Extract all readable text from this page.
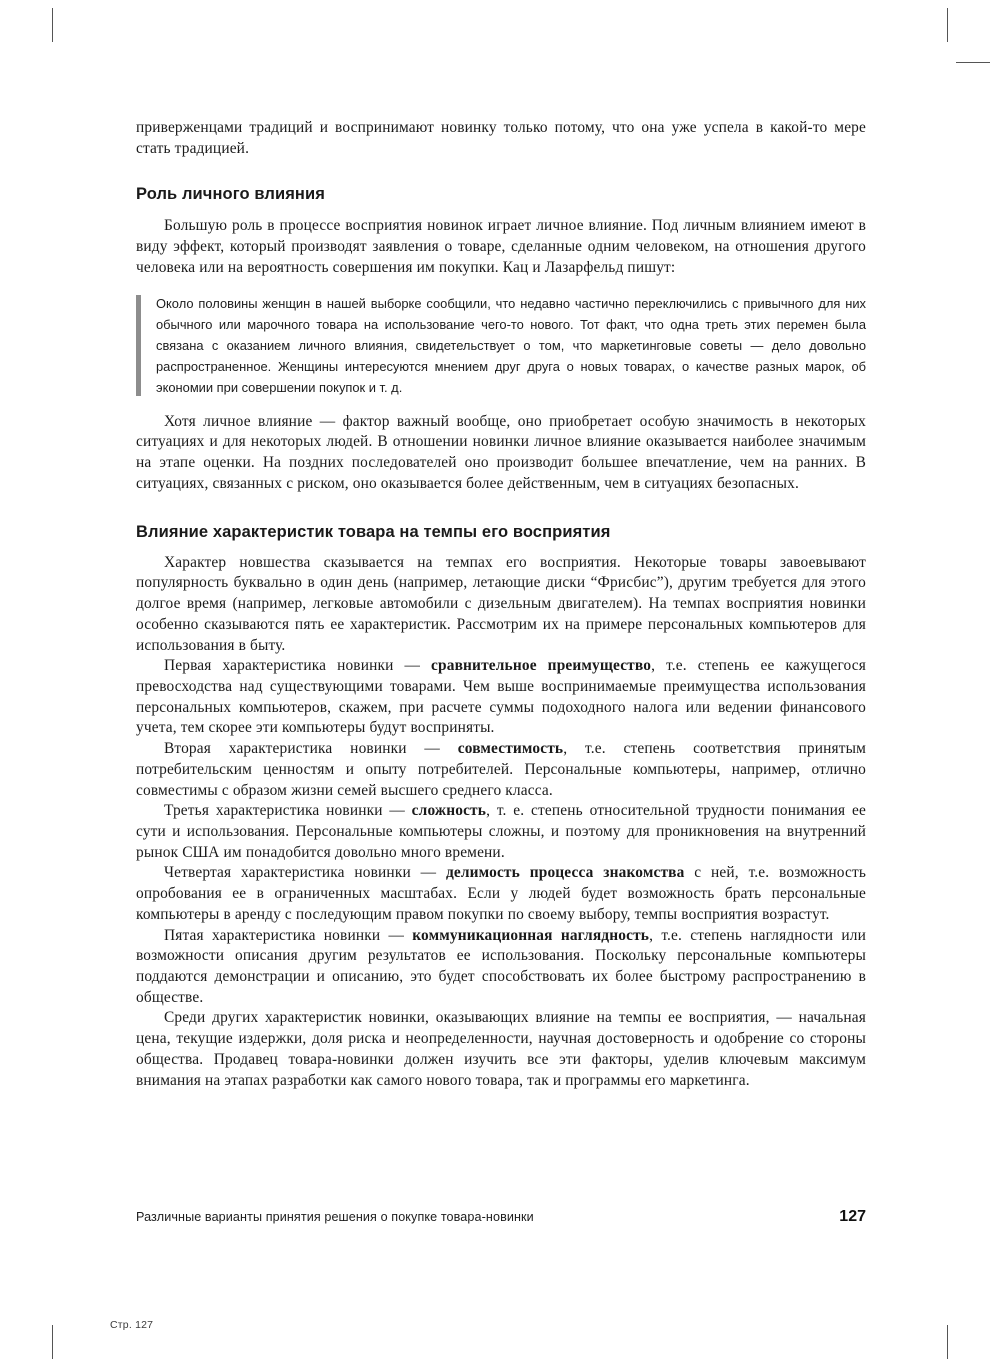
Стр. 127

приверженцами традиций и воспринимают новинку только потому, что она уже успела в какой-то мере стать традицией.

Роль личного влияния

Большую роль в процессе восприятия новинок играет личное влияние. Под личным влиянием имеют в виду эффект, который производят заявления о товаре, сделанные одним человеком, на отношения другого человека или на вероятность совершения им покупки. Кац и Лазарфельд пишут:

Около половины женщин в нашей выборке сообщили, что недавно частично переключились с привычного для них обычного или марочного товара на использование чего-то нового. Тот факт, что одна треть этих перемен была связана с оказанием личного влияния, свидетельствует о том, что маркетинговые советы — дело довольно распространенное. Женщины интересуются мнением друг друга о новых товарах, о качестве разных марок, об экономии при совершении покупок и т. д.

Хотя личное влияние — фактор важный вообще, оно приобретает особую значимость в некоторых ситуациях и для некоторых людей. В отношении новинки личное влияние оказывается наиболее значимым на этапе оценки. На поздних последователей оно производит большее впечатление, чем на ранних. В ситуациях, связанных с риском, оно оказывается более действенным, чем в ситуациях безопасных.

Влияние характеристик товара на темпы его восприятия

Характер новшества сказывается на темпах его восприятия. Некоторые товары завоевывают популярность буквально в один день (например, летающие диски “Фрисбис”), другим требуется для этого долгое время (например, легковые автомобили с дизельным двигателем). На темпах восприятия новинки особенно сказываются пять ее характеристик. Рассмотрим их на примере персональных компьютеров для использования в быту.

Первая характеристика новинки — сравнительное преимущество, т.е. степень ее кажущегося превосходства над существующими товарами. Чем выше воспринимаемые преимущества использования персональных компьютеров, скажем, при расчете суммы подоходного налога или ведении финансового учета, тем скорее эти компьютеры будут восприняты.

Вторая характеристика новинки — совместимость, т.е. степень соответствия принятым потребительским ценностям и опыту потребителей. Персональные компьютеры, например, отлично совместимы с образом жизни семей высшего среднего класса.

Третья характеристика новинки — сложность, т. е. степень относительной трудности понимания ее сути и использования. Персональные компьютеры сложны, и поэтому для проникновения на внутренний рынок США им понадобится довольно много времени.

Четвертая характеристика новинки — делимость процесса знакомства с ней, т.е. возможность опробования ее в ограниченных масштабах. Если у людей будет возможность брать персональные компьютеры в аренду с последующим правом покупки по своему выбору, темпы восприятия возрастут.

Пятая характеристика новинки — коммуникационная наглядность, т.е. степень наглядности или возможности описания другим результатов ее использования. Поскольку персональные компьютеры поддаются демонстрации и описанию, это будет способствовать их более быстрому распространению в обществе.

Среди других характеристик новинки, оказывающих влияние на темпы ее восприятия, — начальная цена, текущие издержки, доля риска и неопределенности, научная достоверность и одобрение со стороны общества. Продавец товара-новинки должен изучить все эти факторы, уделив ключевым максимум внимания на этапах разработки как самого нового товара, так и программы его маркетинга.

Различные варианты принятия решения о покупке товара-новинки	127
